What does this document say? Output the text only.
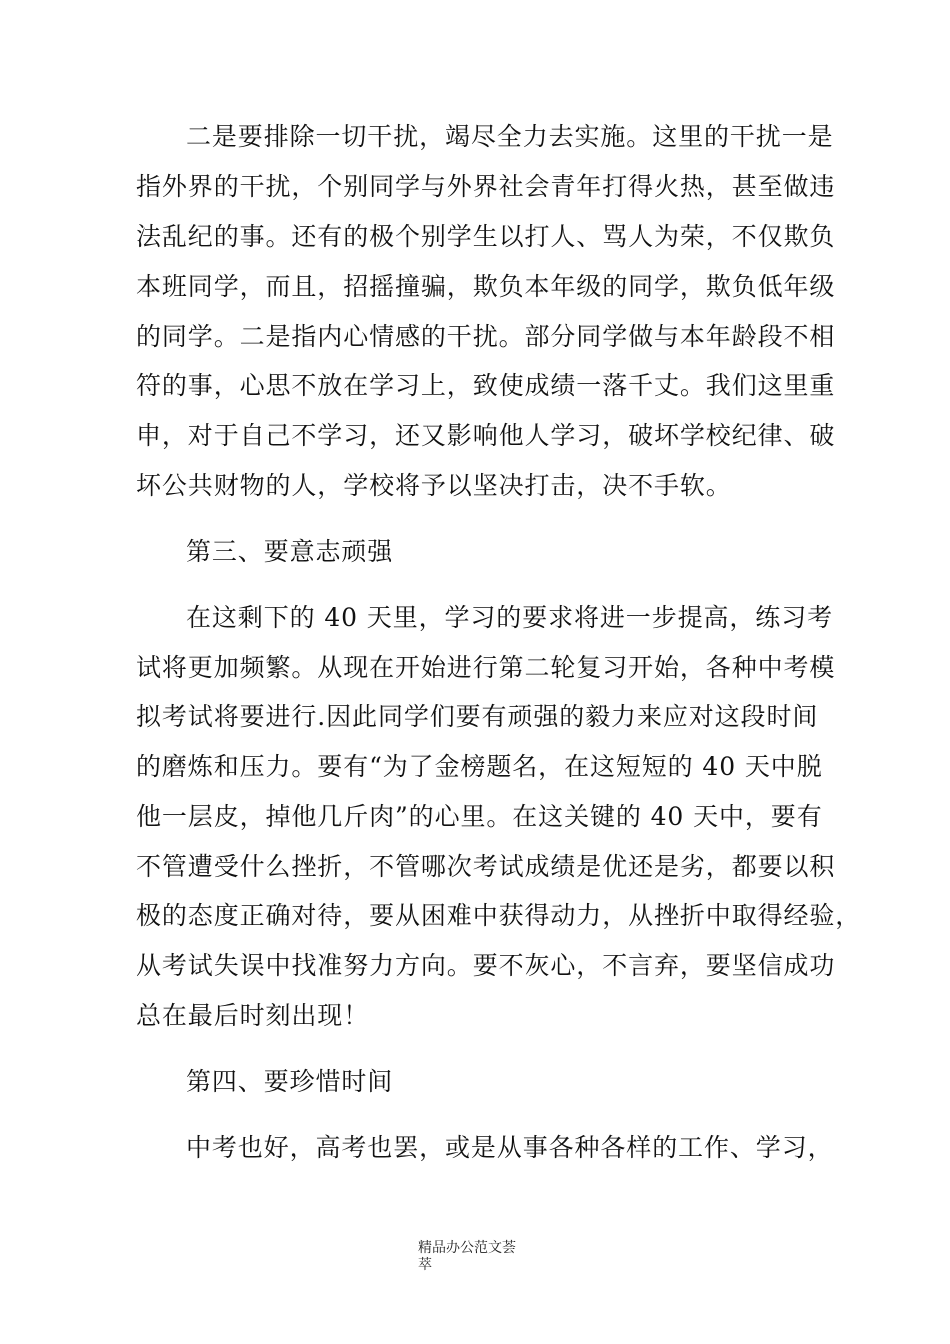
二是要排除一切干扰，竭尽全力去实施。这里的干扰一是
指外界的干扰，个别同学与外界社会青年打得火热，甚至做违
法乱纪的事。还有的极个别学生以打人、骂人为荣，不仅欺负
本班同学，而且，招摇撞骗，欺负本年级的同学，欺负低年级
的同学。二是指内心情感的干扰。部分同学做与本年龄段不相
符的事，心思不放在学习上，致使成绩一落千丈。我们这里重
申，对于自己不学习，还又影响他人学习，破坏学校纪律、破
坏公共财物的人，学校将予以坚决打击，决不手软。
第三、要意志顽强
在这剩下的 40 天里，学习的要求将进一步提高，练习考
试将更加频繁。从现在开始进行第二轮复习开始，各种中考模
拟考试将要进行.因此同学们要有顽强的毅力来应对这段时间
的磨炼和压力。要有“为了金榜题名，在这短短的 40 天中脱
他一层皮，掉他几斤肉”的心里。在这关键的 40 天中，要有
不管遭受什么挫折，不管哪次考试成绩是优还是劣，都要以积
极的态度正确对待，要从困难中获得动力，从挫折中取得经验，
从考试失误中找准努力方向。要不灰心，不言弃，要坚信成功
总在最后时刻出现！
第四、要珍惜时间
中考也好，高考也罢，或是从事各种各样的工作、学习，
精品办公范文荟
萃
